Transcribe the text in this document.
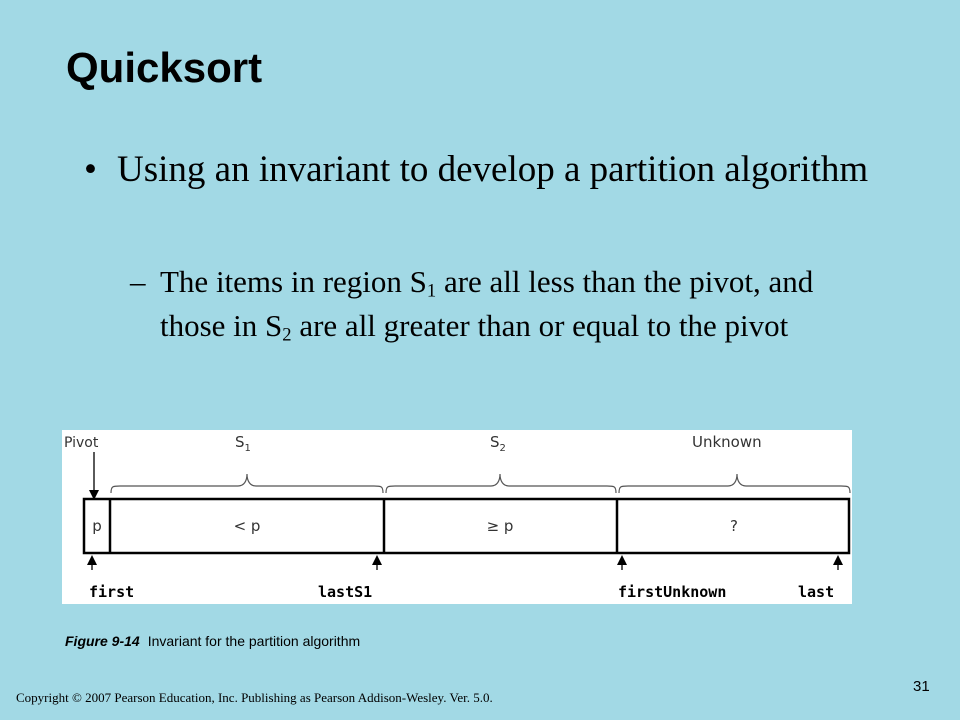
Quicksort
• Using an invariant to develop a partition algorithm
– The items in region $S_1$ are all less than the pivot, and those in $S_2$ are all greater than or equal to the pivot
Pivot	$S_1$	$S_2$	Unknown
p	< p	≥ p	?
first	lastS1	firstUnknown	last
Figure 9-14 Invariant for the partition algorithm
Copyright © 2007 Pearson Education, Inc. Publishing as Pearson Addison-Wesley. Ver. 5.0.
31
